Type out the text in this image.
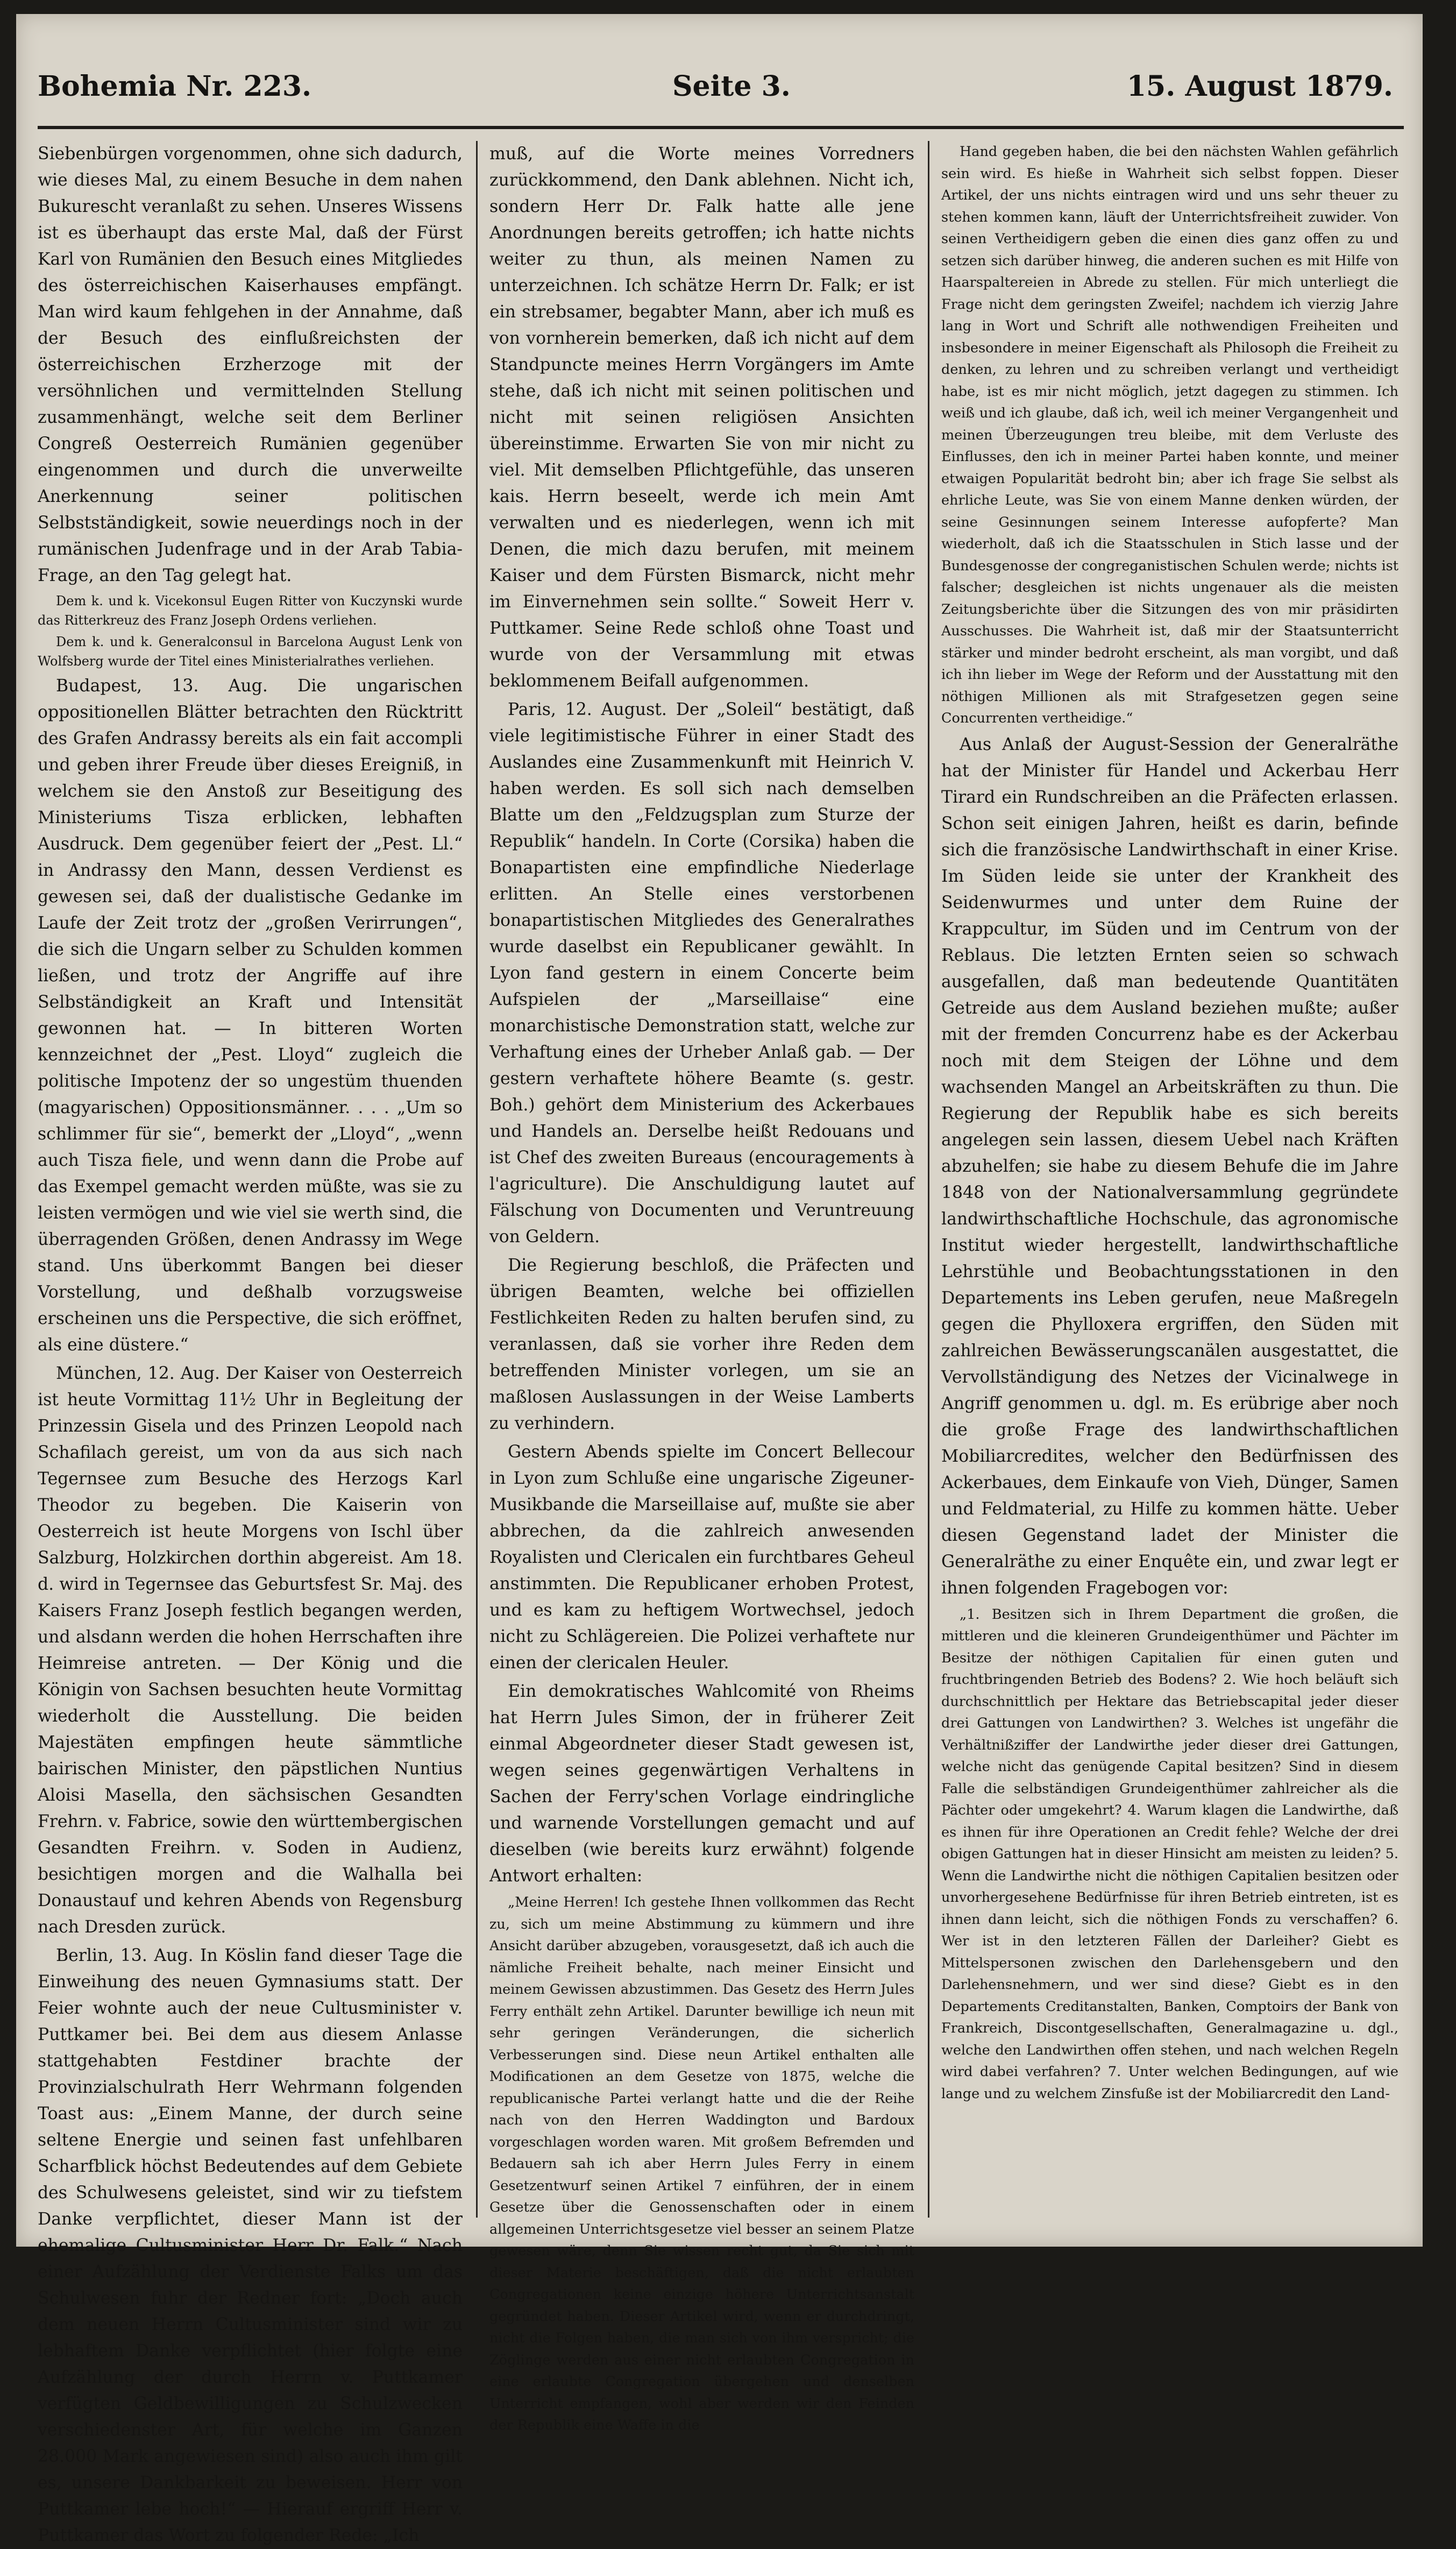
Bohemia Nr. 223.	Seite 3.	15. August 1879.

Siebenbürgen vorgenommen, ohne sich dadurch, wie dieses Mal, zu einem Besuche in dem nahen Bukurescht veranlaßt zu sehen. Unseres Wissens ist es überhaupt das erste Mal, daß der Fürst Karl von Rumänien den Besuch eines Mitgliedes des österreichischen Kaiserhauses empfängt. Man wird kaum fehlgehen in der Annahme, daß der Besuch des einflußreichsten der österreichischen Erzherzoge mit der versöhnlichen und vermittelnden Stellung zusammenhängt, welche seit dem Berliner Congreß Oesterreich Rumänien gegenüber eingenommen und durch die unverweilte Anerkennung seiner politischen Selbstständigkeit, sowie neuerdings noch in der rumänischen Judenfrage und in der Arab Tabia-Frage, an den Tag gelegt hat.

Dem k. und k. Vicekonsul Eugen Ritter von Kuczynski wurde das Ritterkreuz des Franz Joseph Ordens verliehen.

Dem k. und k. Generalconsul in Barcelona August Lenk von Wolfsberg wurde der Titel eines Ministerialrathes verliehen.

Budapest, 13. Aug. Die ungarischen oppositionellen Blätter betrachten den Rücktritt des Grafen Andrassy bereits als ein fait accompli und geben ihrer Freude über dieses Ereigniß, in welchem sie den Anstoß zur Beseitigung des Ministeriums Tisza erblicken, lebhaften Ausdruck. Dem gegenüber feiert der „Pest. Ll.“ in Andrassy den Mann, dessen Verdienst es gewesen sei, daß der dualistische Gedanke im Laufe der Zeit trotz der „großen Verirrungen“, die sich die Ungarn selber zu Schulden kommen ließen, und trotz der Angriffe auf ihre Selbständigkeit an Kraft und Intensität gewonnen hat. — In bitteren Worten kennzeichnet der „Pest. Lloyd“ zugleich die politische Impotenz der so ungestüm thuenden (magyarischen) Oppositionsmänner. . . . „Um so schlimmer für sie“, bemerkt der „Lloyd“, „wenn auch Tisza fiele, und wenn dann die Probe auf das Exempel gemacht werden müßte, was sie zu leisten vermögen und wie viel sie werth sind, die überragenden Größen, denen Andrassy im Wege stand. Uns überkommt Bangen bei dieser Vorstellung, und deßhalb vorzugsweise erscheinen uns die Perspective, die sich eröffnet, als eine düstere.“

München, 12. Aug. Der Kaiser von Oesterreich ist heute Vormittag 11½ Uhr in Begleitung der Prinzessin Gisela und des Prinzen Leopold nach Schafilach gereist, um von da aus sich nach Tegernsee zum Besuche des Herzogs Karl Theodor zu begeben. Die Kaiserin von Oesterreich ist heute Morgens von Ischl über Salzburg, Holzkirchen dorthin abgereist. Am 18. d. wird in Tegernsee das Geburtsfest Sr. Maj. des Kaisers Franz Joseph festlich begangen werden, und alsdann werden die hohen Herrschaften ihre Heimreise antreten. — Der König und die Königin von Sachsen besuchten heute Vormittag wiederholt die Ausstellung. Die beiden Majestäten empfingen heute sämmtliche bairischen Minister, den päpstlichen Nuntius Aloisi Masella, den sächsischen Gesandten Frehrn. v. Fabrice, sowie den württembergischen Gesandten Freihrn. v. Soden in Audienz, besichtigen morgen and die Walhalla bei Donaustauf und kehren Abends von Regensburg nach Dresden zurück.

Berlin, 13. Aug. In Köslin fand dieser Tage die Einweihung des neuen Gymnasiums statt. Der Feier wohnte auch der neue Cultusminister v. Puttkamer bei. Bei dem aus diesem Anlasse stattgehabten Festdiner brachte der Provinzialschulrath Herr Wehrmann folgenden Toast aus: „Einem Manne, der durch seine seltene Energie und seinen fast unfehlbaren Scharfblick höchst Bedeutendes auf dem Gebiete des Schulwesens geleistet, sind wir zu tiefstem Danke verpflichtet, dieser Mann ist der ehemalige Cultusminister Herr Dr. Falk.“ Nach einer Aufzählung der Verdienste Falks um das Schulwesen fuhr der Redner fort: „Doch auch dem neuen Herrn Cultusminister sind wir zu lebhaftem Danke verpflichtet (hier folgte eine Aufzählung der durch Herrn v. Puttkamer verfügten Geldbewilligungen zu Schulzwecken verschiedenster Art, für welche im Ganzen 28.000 Mark angewiesen sind) also auch ihm gilt es, unsere Dankbarkeit zu beweisen. Herr von Puttkamer lebe hoch!“ — Hierauf ergriff Herr v. Puttkamer das Wort zu folgender Rede: „Ich

muß, auf die Worte meines Vorredners zurückkommend, den Dank ablehnen. Nicht ich, sondern Herr Dr. Falk hatte alle jene Anordnungen bereits getroffen; ich hatte nichts weiter zu thun, als meinen Namen zu unterzeichnen. Ich schätze Herrn Dr. Falk; er ist ein strebsamer, begabter Mann, aber ich muß es von vornherein bemerken, daß ich nicht auf dem Standpuncte meines Herrn Vorgängers im Amte stehe, daß ich nicht mit seinen politischen und nicht mit seinen religiösen Ansichten übereinstimme. Erwarten Sie von mir nicht zu viel. Mit demselben Pflichtgefühle, das unseren kais. Herrn beseelt, werde ich mein Amt verwalten und es niederlegen, wenn ich mit Denen, die mich dazu berufen, mit meinem Kaiser und dem Fürsten Bismarck, nicht mehr im Einvernehmen sein sollte.“ Soweit Herr v. Puttkamer. Seine Rede schloß ohne Toast und wurde von der Versammlung mit etwas beklommenem Beifall aufgenommen.

Paris, 12. August. Der „Soleil“ bestätigt, daß viele legitimistische Führer in einer Stadt des Auslandes eine Zusammenkunft mit Heinrich V. haben werden. Es soll sich nach demselben Blatte um den „Feldzugsplan zum Sturze der Republik“ handeln. In Corte (Corsika) haben die Bonapartisten eine empfindliche Niederlage erlitten. An Stelle eines verstorbenen bonapartistischen Mitgliedes des Generalrathes wurde daselbst ein Republicaner gewählt. In Lyon fand gestern in einem Concerte beim Aufspielen der „Marseillaise“ eine monarchistische Demonstration statt, welche zur Verhaftung eines der Urheber Anlaß gab. — Der gestern verhaftete höhere Beamte (s. gestr. Boh.) gehört dem Ministerium des Ackerbaues und Handels an. Derselbe heißt Redouans und ist Chef des zweiten Bureaus (encouragements à l'agriculture). Die Anschuldigung lautet auf Fälschung von Documenten und Veruntreuung von Geldern.

Die Regierung beschloß, die Präfecten und übrigen Beamten, welche bei offiziellen Festlichkeiten Reden zu halten berufen sind, zu veranlassen, daß sie vorher ihre Reden dem betreffenden Minister vorlegen, um sie an maßlosen Auslassungen in der Weise Lamberts zu verhindern.

Gestern Abends spielte im Concert Bellecour in Lyon zum Schluße eine ungarische Zigeuner-Musikbande die Marseillaise auf, mußte sie aber abbrechen, da die zahlreich anwesenden Royalisten und Clericalen ein furchtbares Geheul anstimmten. Die Republicaner erhoben Protest, und es kam zu heftigem Wortwechsel, jedoch nicht zu Schlägereien. Die Polizei verhaftete nur einen der clericalen Heuler.

Ein demokratisches Wahlcomité von Rheims hat Herrn Jules Simon, der in früherer Zeit einmal Abgeordneter dieser Stadt gewesen ist, wegen seines gegenwärtigen Verhaltens in Sachen der Ferry'schen Vorlage eindringliche und warnende Vorstellungen gemacht und auf dieselben (wie bereits kurz erwähnt) folgende Antwort erhalten:

„Meine Herren! Ich gestehe Ihnen vollkommen das Recht zu, sich um meine Abstimmung zu kümmern und ihre Ansicht darüber abzugeben, vorausgesetzt, daß ich auch die nämliche Freiheit behalte, nach meiner Einsicht und meinem Gewissen abzustimmen. Das Gesetz des Herrn Jules Ferry enthält zehn Artikel. Darunter bewillige ich neun mit sehr geringen Veränderungen, die sicherlich Verbesserungen sind. Diese neun Artikel enthalten alle Modificationen an dem Gesetze von 1875, welche die republicanische Partei verlangt hatte und die der Reihe nach von den Herren Waddington und Bardoux vorgeschlagen worden waren. Mit großem Befremden und Bedauern sah ich aber Herrn Jules Ferry in einem Gesetzentwurf seinen Artikel 7 einführen, der in einem Gesetze über die Genossenschaften oder in einem allgemeinen Unterrichtsgesetze viel besser an seinem Platze gewesen wäre, denn Sie wissen recht gut, da Sie sich mit dieser Materie beschäftigen, daß die nicht erlaubten Congregationen keine einzige höhere Unterrichtsanstalt gegründet haben. Dieser Artikel wird, wenn er durchdringt, nicht die Folgen haben, die man sich von ihm verspricht; die Zöglinge werden aus einer nicht erlaubten Congregation in eine erlaubte Congregation übergehen und denselben Unterricht empfangen, wohl aber werden wir den Feinden der Republik eine Waffe in die

Hand gegeben haben, die bei den nächsten Wahlen gefährlich sein wird. Es hieße in Wahrheit sich selbst foppen. Dieser Artikel, der uns nichts eintragen wird und uns sehr theuer zu stehen kommen kann, läuft der Unterrichtsfreiheit zuwider. Von seinen Vertheidigern geben die einen dies ganz offen zu und setzen sich darüber hinweg, die anderen suchen es mit Hilfe von Haarspaltereien in Abrede zu stellen. Für mich unterliegt die Frage nicht dem geringsten Zweifel; nachdem ich vierzig Jahre lang in Wort und Schrift alle nothwendigen Freiheiten und insbesondere in meiner Eigenschaft als Philosoph die Freiheit zu denken, zu lehren und zu schreiben verlangt und vertheidigt habe, ist es mir nicht möglich, jetzt dagegen zu stimmen. Ich weiß und ich glaube, daß ich, weil ich meiner Vergangenheit und meinen Überzeugungen treu bleibe, mit dem Verluste des Einflusses, den ich in meiner Partei haben konnte, und meiner etwaigen Popularität bedroht bin; aber ich frage Sie selbst als ehrliche Leute, was Sie von einem Manne denken würden, der seine Gesinnungen seinem Interesse aufopferte? Man wiederholt, daß ich die Staatsschulen in Stich lasse und der Bundesgenosse der congreganistischen Schulen werde; nichts ist falscher; desgleichen ist nichts ungenauer als die meisten Zeitungsberichte über die Sitzungen des von mir präsidirten Ausschusses. Die Wahrheit ist, daß mir der Staatsunterricht stärker und minder bedroht erscheint, als man vorgibt, und daß ich ihn lieber im Wege der Reform und der Ausstattung mit den nöthigen Millionen als mit Strafgesetzen gegen seine Concurrenten vertheidige.“

Aus Anlaß der August-Session der Generalräthe hat der Minister für Handel und Ackerbau Herr Tirard ein Rundschreiben an die Präfecten erlassen. Schon seit einigen Jahren, heißt es darin, befinde sich die französische Landwirthschaft in einer Krise. Im Süden leide sie unter der Krankheit des Seidenwurmes und unter dem Ruine der Krappcultur, im Süden und im Centrum von der Reblaus. Die letzten Ernten seien so schwach ausgefallen, daß man bedeutende Quantitäten Getreide aus dem Ausland beziehen mußte; außer mit der fremden Concurrenz habe es der Ackerbau noch mit dem Steigen der Löhne und dem wachsenden Mangel an Arbeitskräften zu thun. Die Regierung der Republik habe es sich bereits angelegen sein lassen, diesem Uebel nach Kräften abzuhelfen; sie habe zu diesem Behufe die im Jahre 1848 von der Nationalversammlung gegründete landwirthschaftliche Hochschule, das agronomische Institut wieder hergestellt, landwirthschaftliche Lehrstühle und Beobachtungsstationen in den Departements ins Leben gerufen, neue Maßregeln gegen die Phylloxera ergriffen, den Süden mit zahlreichen Bewässerungscanälen ausgestattet, die Vervollständigung des Netzes der Vicinalwege in Angriff genommen u. dgl. m. Es erübrige aber noch die große Frage des landwirthschaftlichen Mobiliarcredites, welcher den Bedürfnissen des Ackerbaues, dem Einkaufe von Vieh, Dünger, Samen und Feldmaterial, zu Hilfe zu kommen hätte. Ueber diesen Gegenstand ladet der Minister die Generalräthe zu einer Enquête ein, und zwar legt er ihnen folgenden Fragebogen vor:

„1. Besitzen sich in Ihrem Department die großen, die mittleren und die kleineren Grundeigenthümer und Pächter im Besitze der nöthigen Capitalien für einen guten und fruchtbringenden Betrieb des Bodens? 2. Wie hoch beläuft sich durchschnittlich per Hektare das Betriebscapital jeder dieser drei Gattungen von Landwirthen? 3. Welches ist ungefähr die Verhältnißziffer der Landwirthe jeder dieser drei Gattungen, welche nicht das genügende Capital besitzen? Sind in diesem Falle die selbständigen Grundeigenthümer zahlreicher als die Pächter oder umgekehrt? 4. Warum klagen die Landwirthe, daß es ihnen für ihre Operationen an Credit fehle? Welche der drei obigen Gattungen hat in dieser Hinsicht am meisten zu leiden? 5. Wenn die Landwirthe nicht die nöthigen Capitalien besitzen oder unvorhergesehene Bedürfnisse für ihren Betrieb eintreten, ist es ihnen dann leicht, sich die nöthigen Fonds zu verschaffen? 6. Wer ist in den letzteren Fällen der Darleiher? Giebt es Mittelspersonen zwischen den Darlehensgebern und den Darlehensnehmern, und wer sind diese? Giebt es in den Departements Creditanstalten, Banken, Comptoirs der Bank von Frankreich, Discontgesellschaften, Generalmagazine u. dgl., welche den Landwirthen offen stehen, und nach welchen Regeln wird dabei verfahren? 7. Unter welchen Bedingungen, auf wie lange und zu welchem Zinsfuße ist der Mobiliarcredit den Land-
